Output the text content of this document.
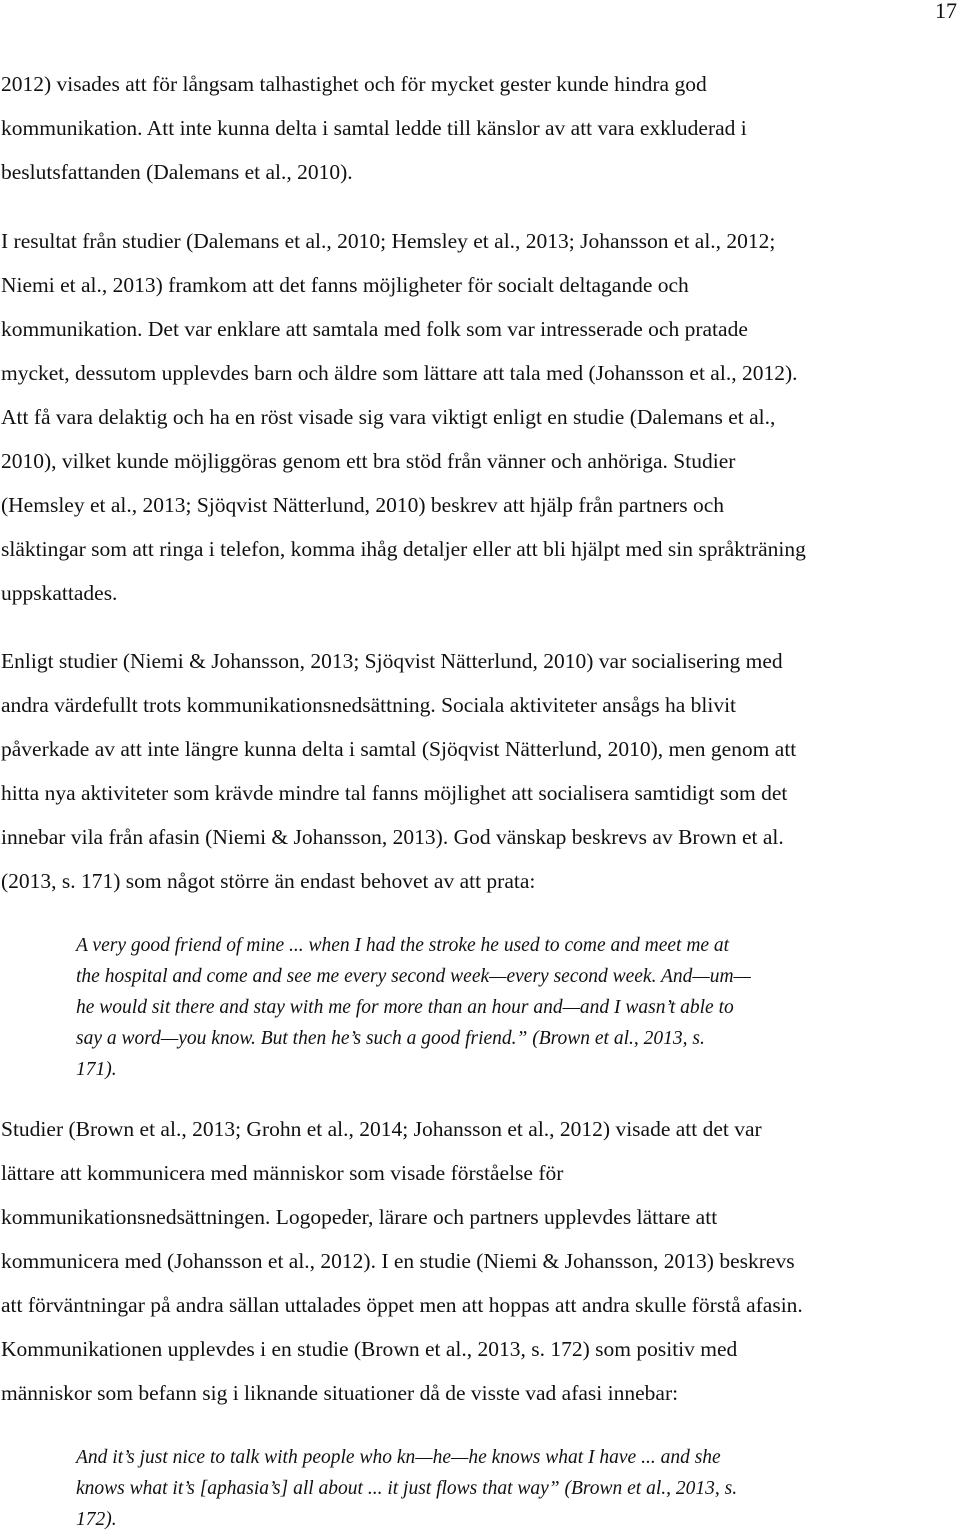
17
2012) visades att för långsam talhastighet och för mycket gester kunde hindra god
kommunikation. Att inte kunna delta i samtal ledde till känslor av att vara exkluderad i
beslutsfattanden (Dalemans et al., 2010).
I resultat från studier (Dalemans et al., 2010; Hemsley et al., 2013; Johansson et al., 2012;
Niemi et al., 2013) framkom att det fanns möjligheter för socialt deltagande och
kommunikation. Det var enklare att samtala med folk som var intresserade och pratade
mycket, dessutom upplevdes barn och äldre som lättare att tala med (Johansson et al., 2012).
Att få vara delaktig och ha en röst visade sig vara viktigt enligt en studie (Dalemans et al.,
2010), vilket kunde möjliggöras genom ett bra stöd från vänner och anhöriga. Studier
(Hemsley et al., 2013; Sjöqvist Nätterlund, 2010) beskrev att hjälp från partners och
släktingar som att ringa i telefon, komma ihåg detaljer eller att bli hjälpt med sin språkträning
uppskattades.
Enligt studier (Niemi & Johansson, 2013; Sjöqvist Nätterlund, 2010) var socialisering med
andra värdefullt trots kommunikationsnedsättning. Sociala aktiviteter ansågs ha blivit
påverkade av att inte längre kunna delta i samtal (Sjöqvist Nätterlund, 2010), men genom att
hitta nya aktiviteter som krävde mindre tal fanns möjlighet att socialisera samtidigt som det
innebar vila från afasin (Niemi & Johansson, 2013). God vänskap beskrevs av Brown et al.
(2013, s. 171) som något större än endast behovet av att prata:
A very good friend of mine ... when I had the stroke he used to come and meet me at
the hospital and come and see me every second week—every second week. And—um—
he would sit there and stay with me for more than an hour and—and I wasn’t able to
say a word—you know. But then he’s such a good friend.” (Brown et al., 2013, s.
171).
Studier (Brown et al., 2013; Grohn et al., 2014; Johansson et al., 2012) visade att det var
lättare att kommunicera med människor som visade förståelse för
kommunikationsnedsättningen. Logopeder, lärare och partners upplevdes lättare att
kommunicera med (Johansson et al., 2012). I en studie (Niemi & Johansson, 2013) beskrevs
att förväntningar på andra sällan uttalades öppet men att hoppas att andra skulle förstå afasin.
Kommunikationen upplevdes i en studie (Brown et al., 2013, s. 172) som positiv med
människor som befann sig i liknande situationer då de visste vad afasi innebar:
And it’s just nice to talk with people who kn—he—he knows what I have ... and she
knows what it’s [aphasia’s] all about ... it just flows that way” (Brown et al., 2013, s.
172).
